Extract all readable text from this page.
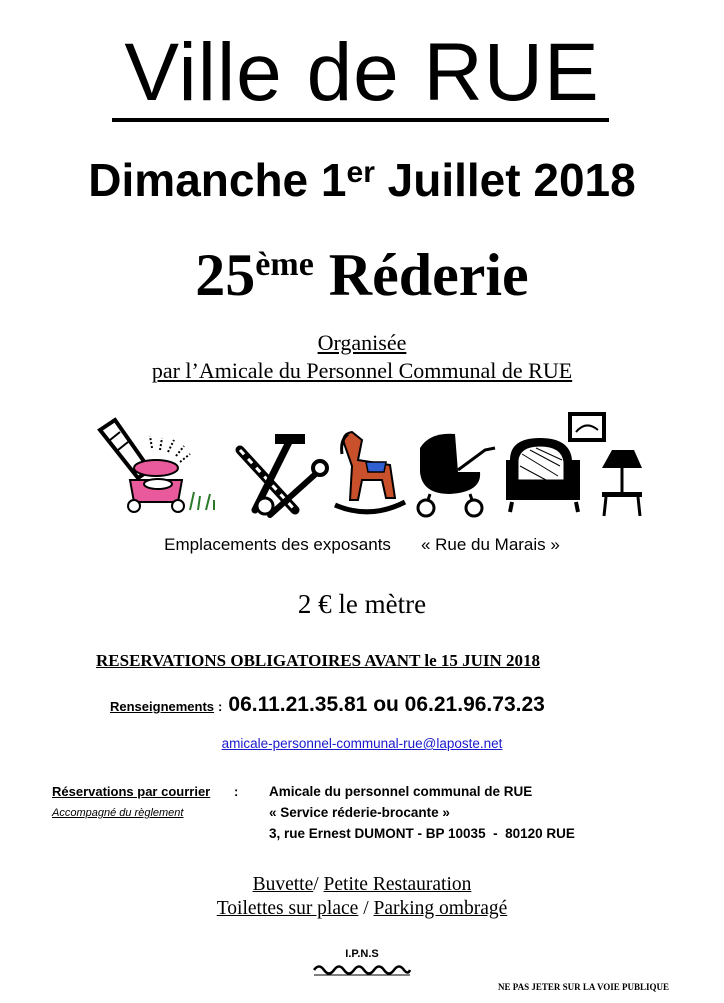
Ville de RUE
Dimanche 1er Juillet 2018
25ème Réderie
Organisée
par l’Amicale du Personnel Communal de RUE
Emplacements des exposants « Rue du Marais »
2 € le mètre
RESERVATIONS OBLIGATOIRES AVANT le 15 JUIN 2018
Renseignements : 06.11.21.35.81 ou 06.21.96.73.23
amicale-personnel-communal-rue@laposte.net
Réservations par courrier :
Accompagné du règlement
Amicale du personnel communal de RUE
« Service réderie-brocante »
3, rue Ernest DUMONT - BP 10035  -  80120 RUE
Buvette/ Petite Restauration
Toilettes sur place / Parking ombragé
I.P.N.S
NE PAS JETER SUR LA VOIE PUBLIQUE
